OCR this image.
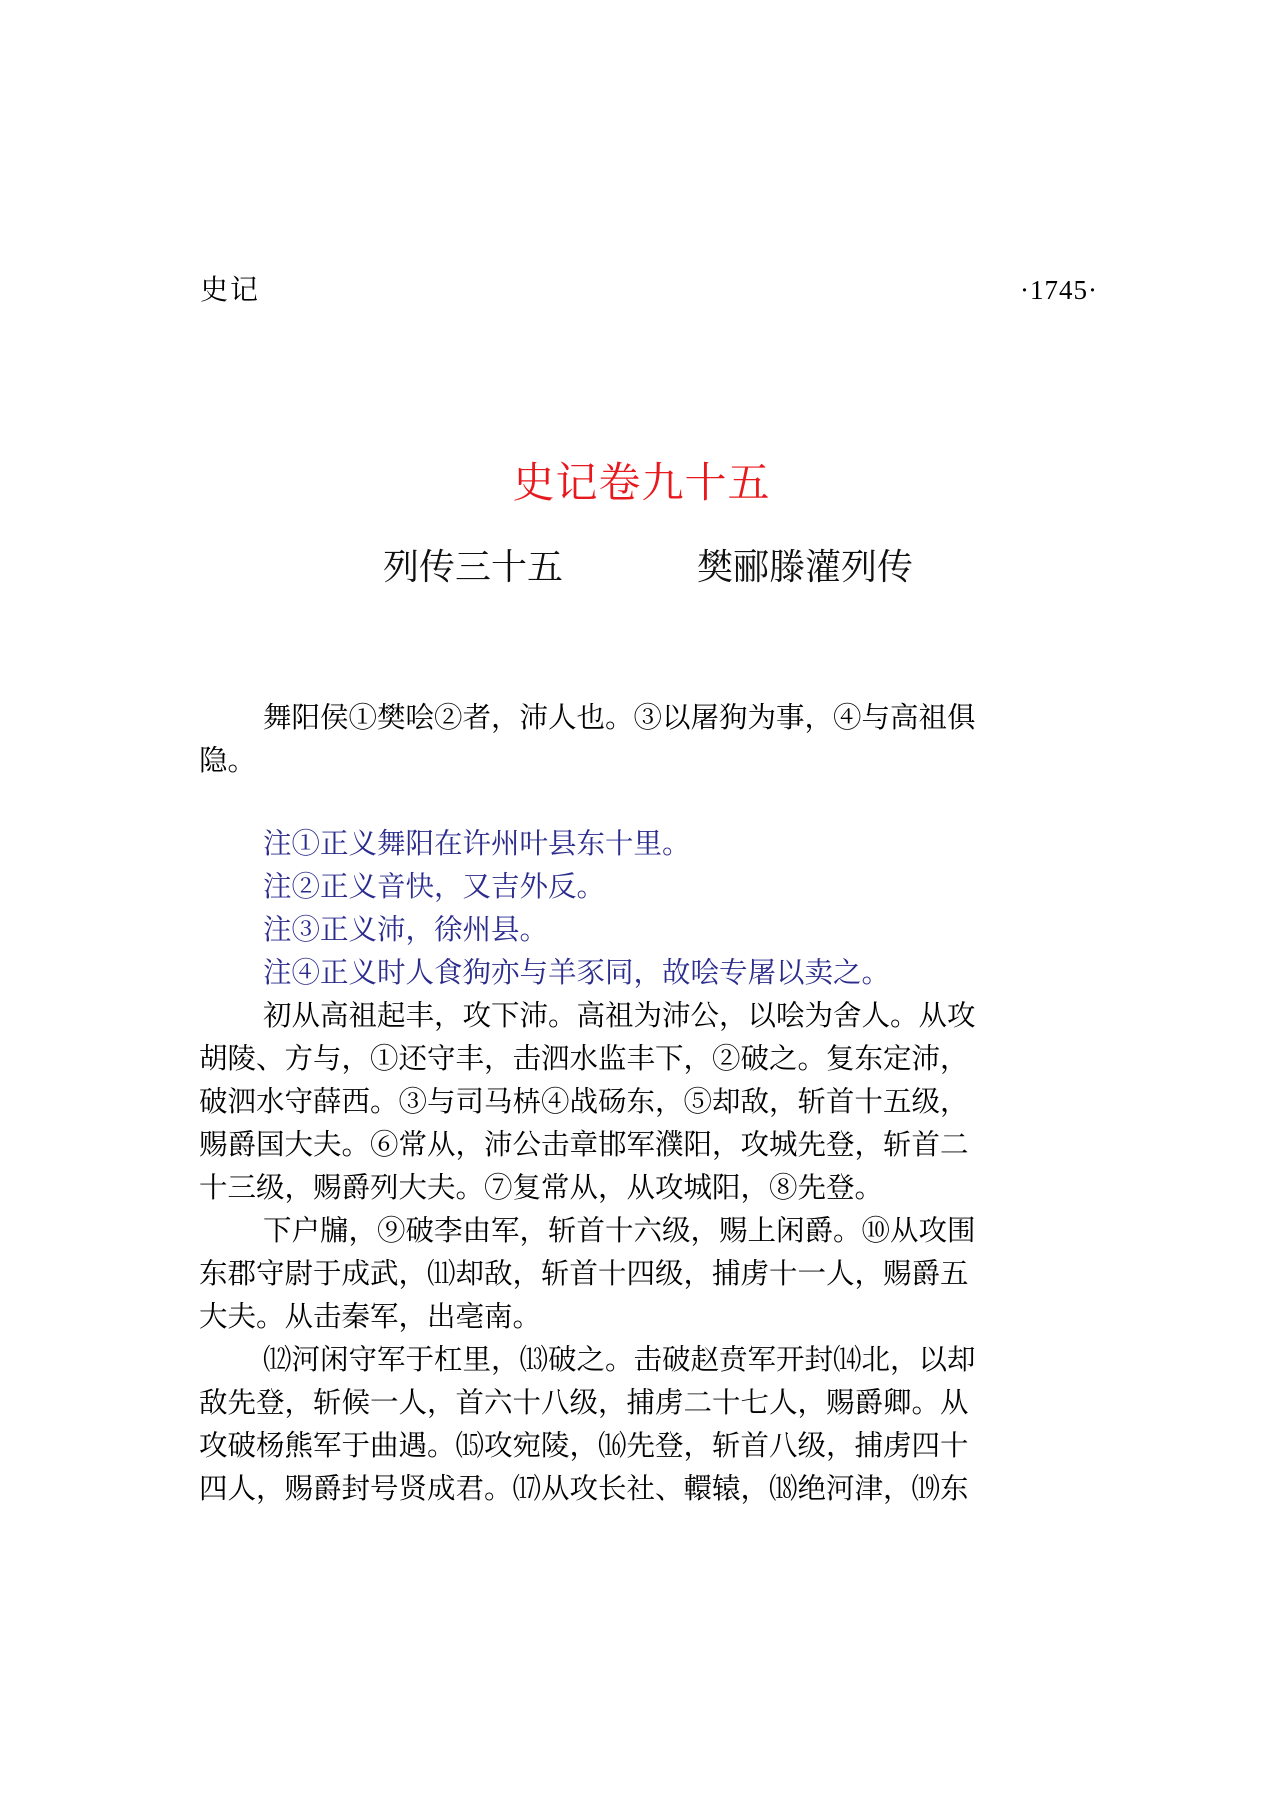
史记	·1745·
史记卷九十五
列传三十五	樊郦滕灌列传
舞阳侯①樊哙②者，沛人也。③以屠狗为事，④与高祖俱
隐。
注①正义舞阳在许州叶县东十里。
注②正义音快，又吉外反。
注③正义沛，徐州县。
注④正义时人食狗亦与羊豕同，故哙专屠以卖之。
初从高祖起丰，攻下沛。高祖为沛公，以哙为舍人。从攻
胡陵、方与，①还守丰，击泗水监丰下，②破之。复东定沛，
破泗水守薛西。③与司马枿④战砀东，⑤却敌，斩首十五级，
赐爵国大夫。⑥常从，沛公击章邯军濮阳，攻城先登，斩首二
十三级，赐爵列大夫。⑦复常从，从攻城阳，⑧先登。
下户牖，⑨破李由军，斩首十六级，赐上闲爵。⑩从攻围
东郡守尉于成武，⑾却敌，斩首十四级，捕虏十一人，赐爵五
大夫。从击秦军，出亳南。
⑿河闲守军于杠里，⒀破之。击破赵贲军开封⒁北，以却
敌先登，斩候一人，首六十八级，捕虏二十七人，赐爵卿。从
攻破杨熊军于曲遇。⒂攻宛陵，⒃先登，斩首八级，捕虏四十
四人，赐爵封号贤成君。⒄从攻长社、轘辕，⒅绝河津，⒆东
